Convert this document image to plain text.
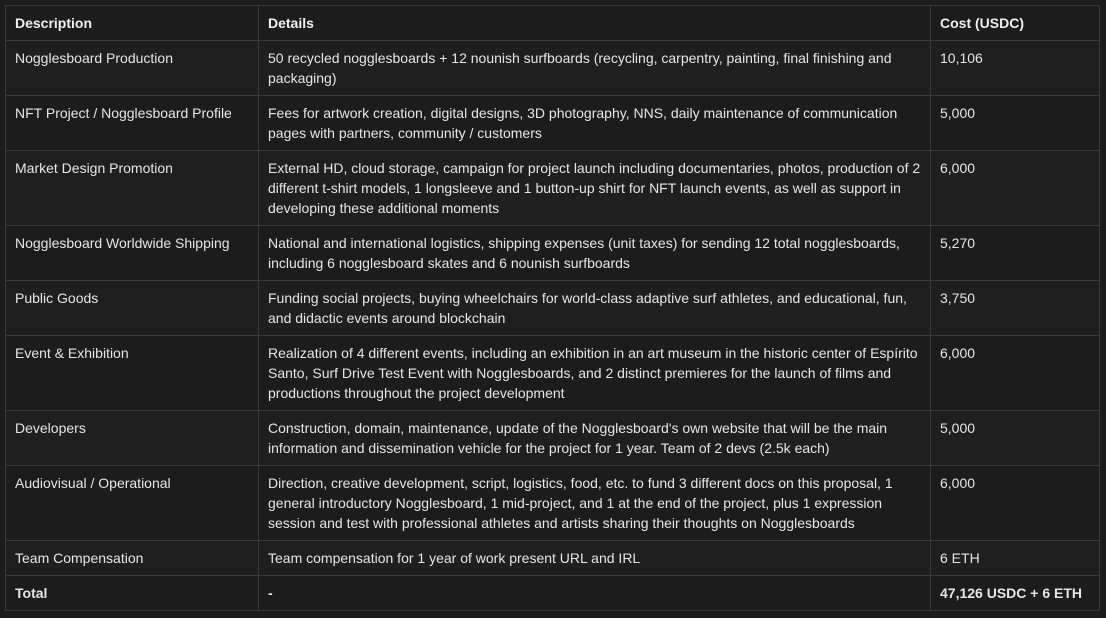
Description	Details	Cost (USDC)
Nogglesboard Production	50 recycled nogglesboards + 12 nounish surfboards (recycling, carpentry, painting, final finishing and packaging)	10,106
NFT Project / Nogglesboard Profile	Fees for artwork creation, digital designs, 3D photography, NNS, daily maintenance of communication pages with partners, community / customers	5,000
Market Design Promotion	External HD, cloud storage, campaign for project launch including documentaries, photos, production of 2 different t-shirt models, 1 longsleeve and 1 button-up shirt for NFT launch events, as well as support in developing these additional moments	6,000
Nogglesboard Worldwide Shipping	National and international logistics, shipping expenses (unit taxes) for sending 12 total nogglesboards, including 6 nogglesboard skates and 6 nounish surfboards	5,270
Public Goods	Funding social projects, buying wheelchairs for world-class adaptive surf athletes, and educational, fun, and didactic events around blockchain	3,750
Event & Exhibition	Realization of 4 different events, including an exhibition in an art museum in the historic center of Espírito Santo, Surf Drive Test Event with Nogglesboards, and 2 distinct premieres for the launch of films and productions throughout the project development	6,000
Developers	Construction, domain, maintenance, update of the Nogglesboard's own website that will be the main information and dissemination vehicle for the project for 1 year. Team of 2 devs (2.5k each)	5,000
Audiovisual / Operational	Direction, creative development, script, logistics, food, etc. to fund 3 different docs on this proposal, 1 general introductory Nogglesboard, 1 mid-project, and 1 at the end of the project, plus 1 expression session and test with professional athletes and artists sharing their thoughts on Nogglesboards	6,000
Team Compensation	Team compensation for 1 year of work present URL and IRL	6 ETH
Total	-	47,126 USDC + 6 ETH
